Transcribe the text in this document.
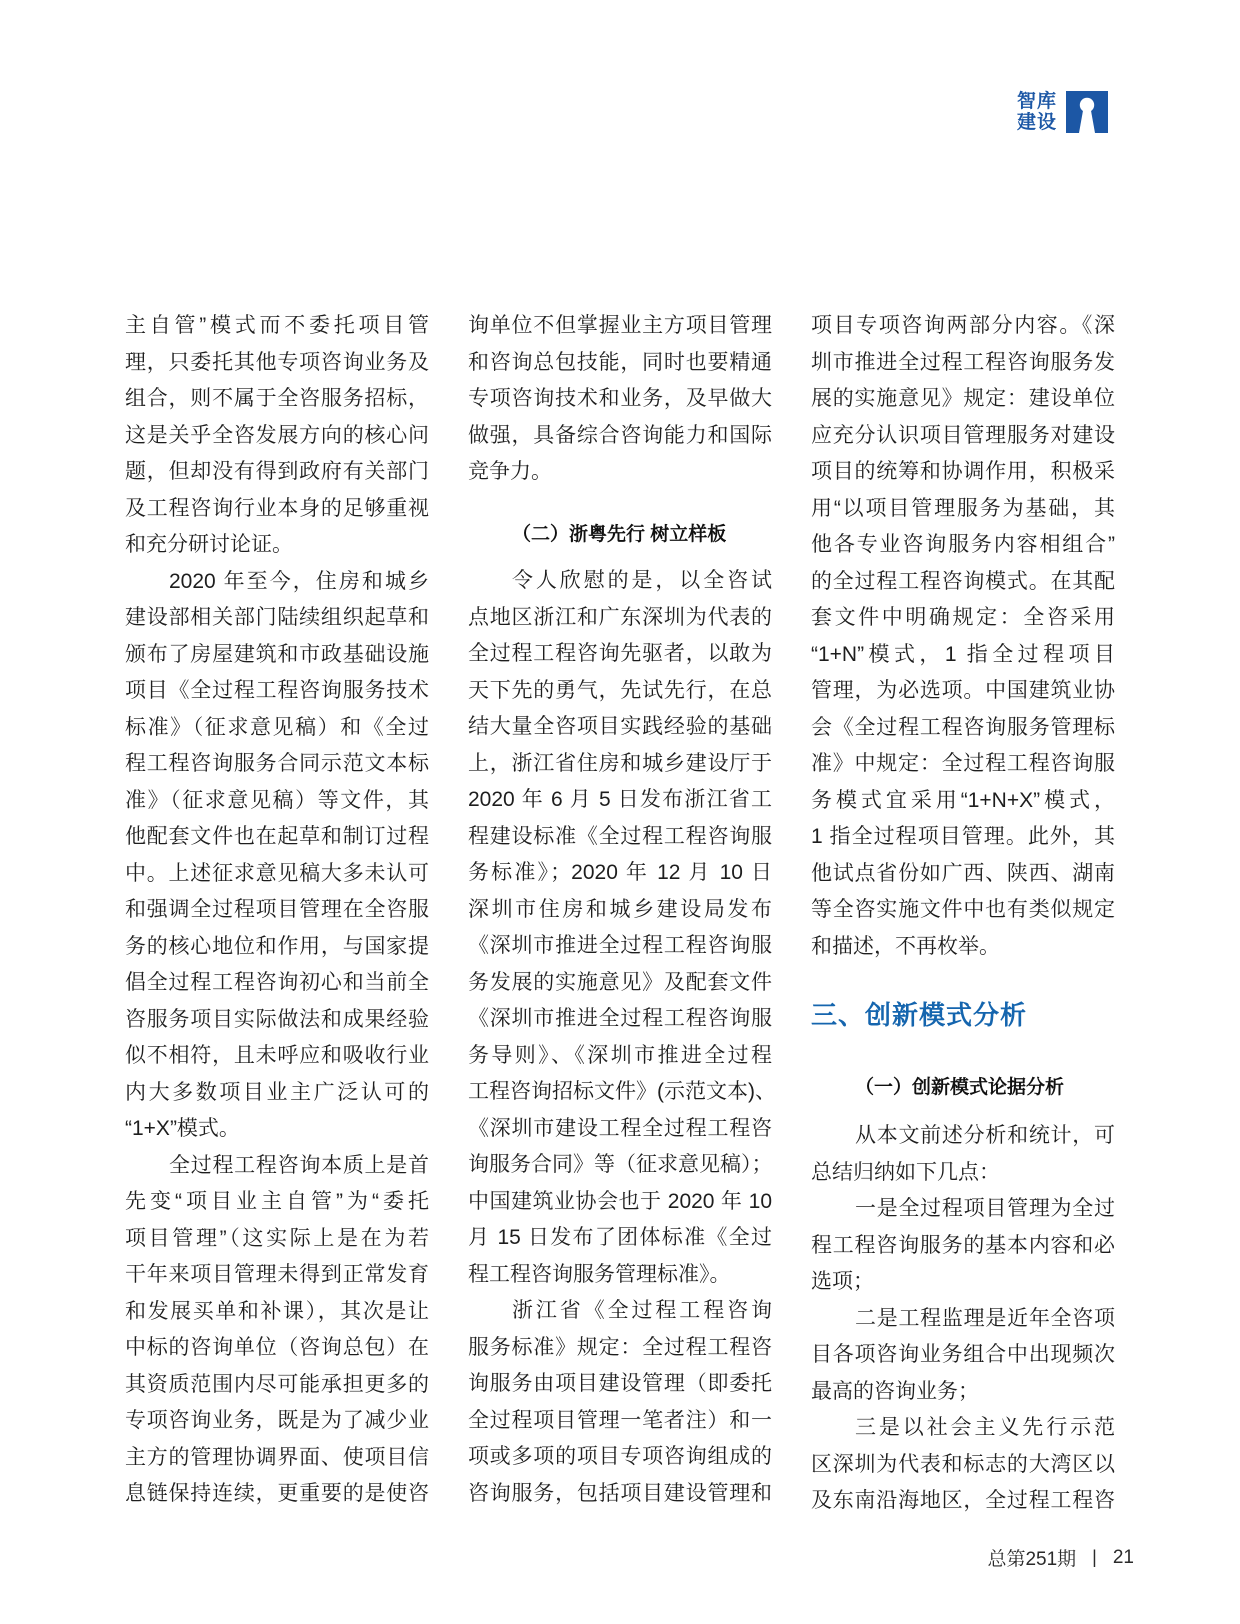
智库
建设
主自管”模式而不委托项目管
理，只委托其他专项咨询业务及
组合，则不属于全咨服务招标，
这是关乎全咨发展方向的核心问
题，但却没有得到政府有关部门
及工程咨询行业本身的足够重视
和充分研讨论证。
2020 年至今，住房和城乡
建设部相关部门陆续组织起草和
颁布了房屋建筑和市政基础设施
项目《全过程工程咨询服务技术
标准》（征求意见稿）和《全过
程工程咨询服务合同示范文本标
准》（征求意见稿）等文件，其
他配套文件也在起草和制订过程
中。上述征求意见稿大多未认可
和强调全过程项目管理在全咨服
务的核心地位和作用，与国家提
倡全过程工程咨询初心和当前全
咨服务项目实际做法和成果经验
似不相符，且未呼应和吸收行业
内大多数项目业主广泛认可的
“1+X”模式。
全过程工程咨询本质上是首
先变“项目业主自管”为“委托
项目管理”（这实际上是在为若
干年来项目管理未得到正常发育
和发展买单和补课），其次是让
中标的咨询单位（咨询总包）在
其资质范围内尽可能承担更多的
专项咨询业务，既是为了减少业
主方的管理协调界面、使项目信
息链保持连续，更重要的是使咨
询单位不但掌握业主方项目管理
和咨询总包技能，同时也要精通
专项咨询技术和业务，及早做大
做强，具备综合咨询能力和国际
竞争力。
（二）浙粤先行 树立样板
令人欣慰的是，以全咨试
点地区浙江和广东深圳为代表的
全过程工程咨询先驱者，以敢为
天下先的勇气，先试先行，在总
结大量全咨项目实践经验的基础
上，浙江省住房和城乡建设厅于
2020 年 6 月 5 日发布浙江省工
程建设标准《全过程工程咨询服
务标准》；2020 年 12 月 10 日
深圳市住房和城乡建设局发布
《深圳市推进全过程工程咨询服
务发展的实施意见》及配套文件
《深圳市推进全过程工程咨询服
务导则》、《深圳市推进全过程
工程咨询招标文件》(示范文本)、
《深圳市建设工程全过程工程咨
询服务合同》等（征求意见稿）；
中国建筑业协会也于 2020 年 10
月 15 日发布了团体标准《全过
程工程咨询服务管理标准》。
浙江省《全过程工程咨询
服务标准》规定：全过程工程咨
询服务由项目建设管理（即委托
全过程项目管理一笔者注）和一
项或多项的项目专项咨询组成的
咨询服务，包括项目建设管理和
项目专项咨询两部分内容。《深
圳市推进全过程工程咨询服务发
展的实施意见》规定：建设单位
应充分认识项目管理服务对建设
项目的统筹和协调作用，积极采
用“以项目管理服务为基础，其
他各专业咨询服务内容相组合”
的全过程工程咨询模式。在其配
套文件中明确规定：全咨采用
“1+N”模式，1 指全过程项目
管理，为必选项。中国建筑业协
会《全过程工程咨询服务管理标
准》中规定：全过程工程咨询服
务模式宜采用“1+N+X”模式，
1 指全过程项目管理。此外，其
他试点省份如广西、陕西、湖南
等全咨实施文件中也有类似规定
和描述，不再枚举。
三、创新模式分析
（一）创新模式论据分析
从本文前述分析和统计，可
总结归纳如下几点：
一是全过程项目管理为全过
程工程咨询服务的基本内容和必
选项；
二是工程监理是近年全咨项
目各项咨询业务组合中出现频次
最高的咨询业务；
三是以社会主义先行示范
区深圳为代表和标志的大湾区以
及东南沿海地区，全过程工程咨
总第251期 | 21
